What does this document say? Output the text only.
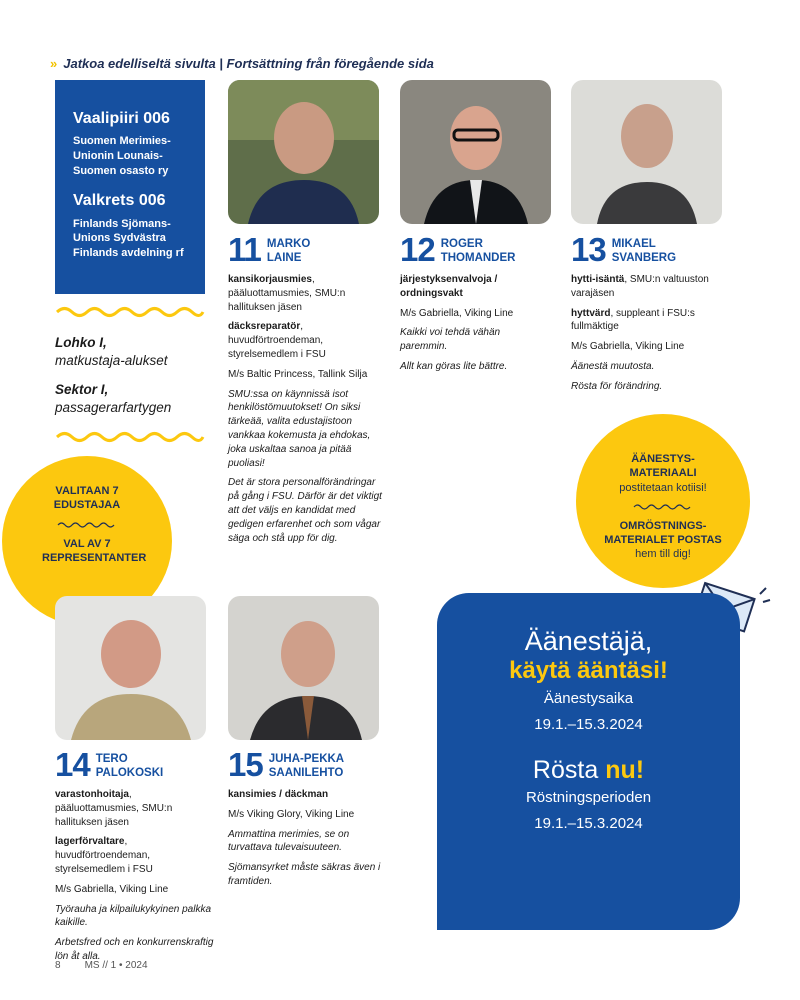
» Jatkoa edelliseltä sivulta | Fortsättning från föregående sida
Vaalipiiri 006
Suomen Merimies-Unionin Lounais-Suomen osasto ry
Valkrets 006
Finlands Sjömans-Unions Sydvästra Finlands avdelning rf
Lohko I,
matkustaja-alukset
Sektor I,
passagerarfartygen
VALITAAN 7 EDUSTAJAA
VAL AV 7 REPRESENTANTER
ÄÄNESTYS-MATERIAALI
postitetaan kotiisi!
OMRÖSTNINGS-MATERIALET POSTAS
hem till dig!
11 MARKO
LAINE

kansikorjausmies, pääluottamusmies, SMU:n hallituksen jäsen

däcksreparatör, huvudförtroendeman, styrelsemedlem i FSU

M/s Baltic Princess, Tallink Silja

SMU:ssa on käynnissä isot henkilöstömuutokset! On siksi tärkeää, valita edustajistoon vankkaa kokemusta ja ehdokas, joka uskaltaa sanoa ja pitää puoliasi!

Det är stora personalförändringar på gång i FSU. Därför är det viktigt att det väljs en kandidat med gedigen erfarenhet och som vågar säga och stå upp för dig.

12 ROGER
THOMANDER

järjestyksenvalvoja /
ordningsvakt

M/s Gabriella, Viking Line

Kaikki voi tehdä vähän paremmin.

Allt kan göras lite bättre.

13 MIKAEL
SVANBERG

hytti-isäntä, SMU:n valtuuston varajäsen

hyttvärd, suppleant i FSU:s fullmäktige

M/s Gabriella, Viking Line

Äänestä muutosta.

Rösta för förändring.

14 TERO
PALOKOSKI

varastonhoitaja, pääluottamusmies, SMU:n hallituksen jäsen

lagerförvaltare, huvudförtroendeman, styrelsemedlem i FSU

M/s Gabriella, Viking Line

Työrauha ja kilpailukykyinen palkka kaikille.

Arbetsfred och en konkurrenskraftig lön åt alla.

15 JUHA-PEKKA
SAANILEHTO

kansimies / däckman

M/s Viking Glory, Viking Line

Ammattina merimies, se on turvattava tulevaisuuteen.

Sjömansyrket måste säkras även i framtiden.

Äänestäjä,
käytä ääntäsi!
Äänestysaika
19.1.–15.3.2024
Rösta nu!
Röstningsperioden
19.1.–15.3.2024
8 MS // 1 • 2024
